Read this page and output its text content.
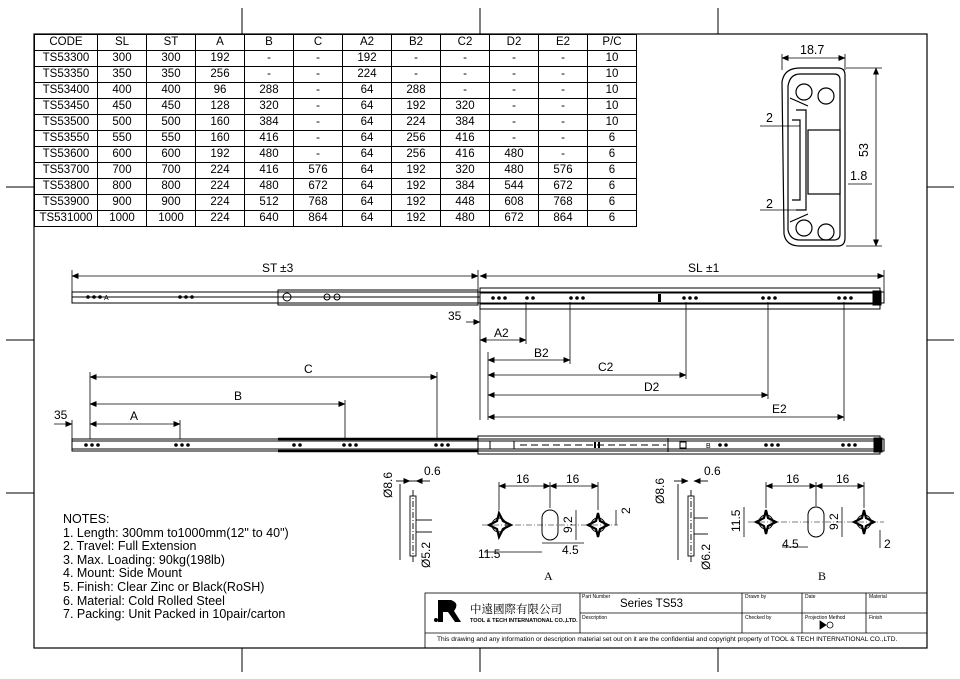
18.7
53
1.8
2
2
ST ±3	SL ±1
A
35
A2
B2
C2
D2
E2
C
B
A
35
B
0.6
Ø8.6
Ø5.2
16	16
9.2
2
11.5	4.5
0.6
Ø8.6
Ø6.2
16	16
11.5	9.2
4.5	2
A	B
CODE	SL	ST	A	B	C	A2	B2	C2	D2	E2	P/C
TS53300	300	300	192	-	-	192	-	-	-	-	10
TS53350	350	350	256	-	-	224	-	-	-	-	10
TS53400	400	400	96	288	-	64	288	-	-	-	10
TS53450	450	450	128	320	-	64	192	320	-	-	10
TS53500	500	500	160	384	-	64	224	384	-	-	10
TS53550	550	550	160	416	-	64	256	416	-	-	6
TS53600	600	600	192	480	-	64	256	416	480	-	6
TS53700	700	700	224	416	576	64	192	320	480	576	6
TS53800	800	800	224	480	672	64	192	384	544	672	6
TS53900	900	900	224	512	768	64	192	448	608	768	6
TS531000	1000	1000	224	640	864	64	192	480	672	864	6
NOTES:
1. Length: 300mm to1000mm(12" to 40")
2. Travel: Full Extension
3. Max. Loading: 90kg(198lb)
4. Mount: Side Mount
5. Finish: Clear Zinc or Black(RoSH)
6. Material: Cold Rolled Steel
7. Packing: Unit Packed in 10pair/carton	中遠國際有限公司
TOOL & TECH INTERNATIONAL CO.,LTD.
Part Number
Series TS53
Description
Drawn by
Checked by
Date
Projection Method
Material
Finish
This drawing and any information or description material set out on it are the confidential and copyright property of TOOL & TECH INTERNATIONAL CO.,LTD.
